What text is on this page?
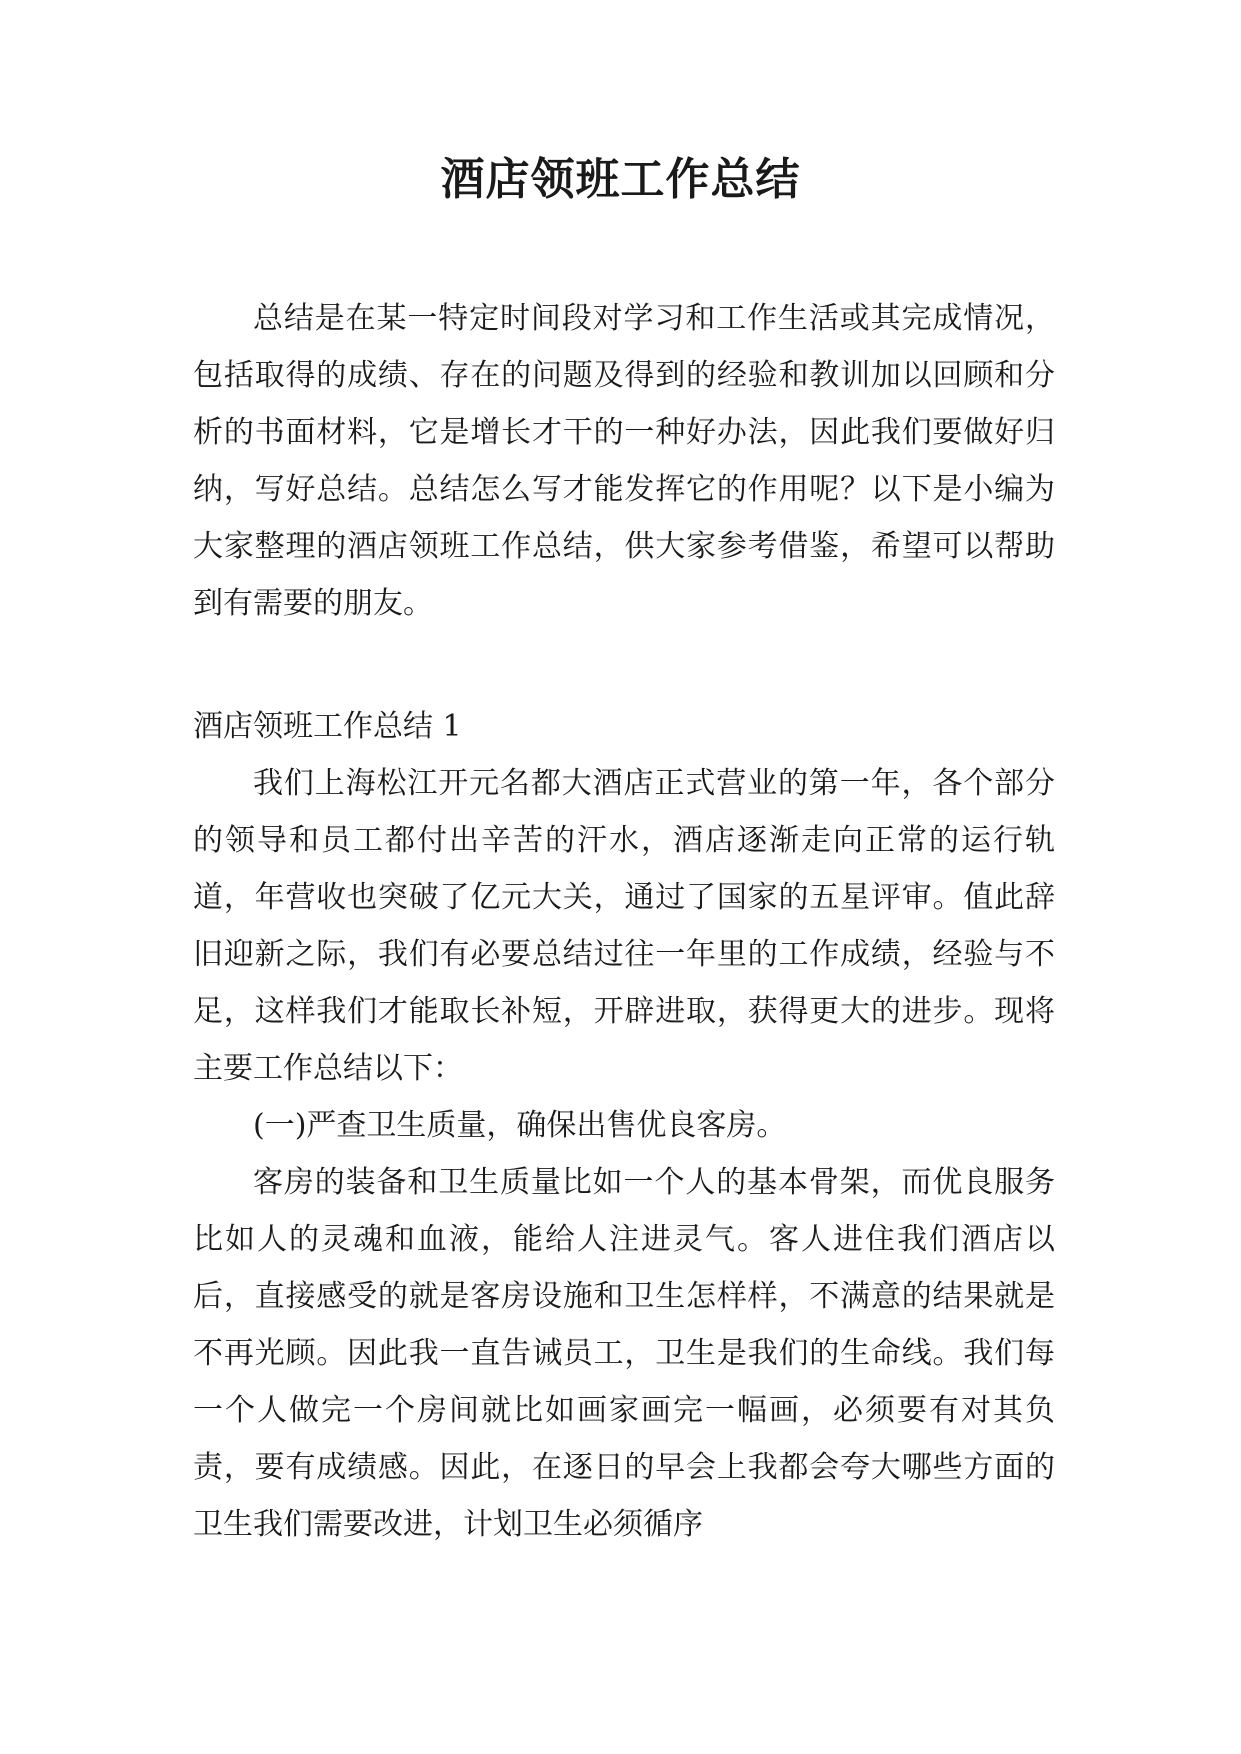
酒店领班工作总结

总结是在某一特定时间段对学习和工作生活或其完成情况，包括取得的成绩、存在的问题及得到的经验和教训加以回顾和分析的书面材料，它是增长才干的一种好办法，因此我们要做好归纳，写好总结。总结怎么写才能发挥它的作用呢？以下是小编为大家整理的酒店领班工作总结，供大家参考借鉴，希望可以帮助到有需要的朋友。

酒店领班工作总结 1

我们上海松江开元名都大酒店正式营业的第一年，各个部分的领导和员工都付出辛苦的汗水，酒店逐渐走向正常的运行轨道，年营收也突破了亿元大关，通过了国家的五星评审。值此辞旧迎新之际，我们有必要总结过往一年里的工作成绩，经验与不足，这样我们才能取长补短，开辟进取，获得更大的进步。现将主要工作总结以下：

(一)严查卫生质量，确保出售优良客房。

客房的装备和卫生质量比如一个人的基本骨架，而优良服务比如人的灵魂和血液，能给人注进灵气。客人进住我们酒店以后，直接感受的就是客房设施和卫生怎样样，不满意的结果就是不再光顾。因此我一直告诫员工，卫生是我们的生命线。我们每一个人做完一个房间就比如画家画完一幅画，必须要有对其负责，要有成绩感。因此，在逐日的早会上我都会夸大哪些方面的卫生我们需要改进，计划卫生必须循序
